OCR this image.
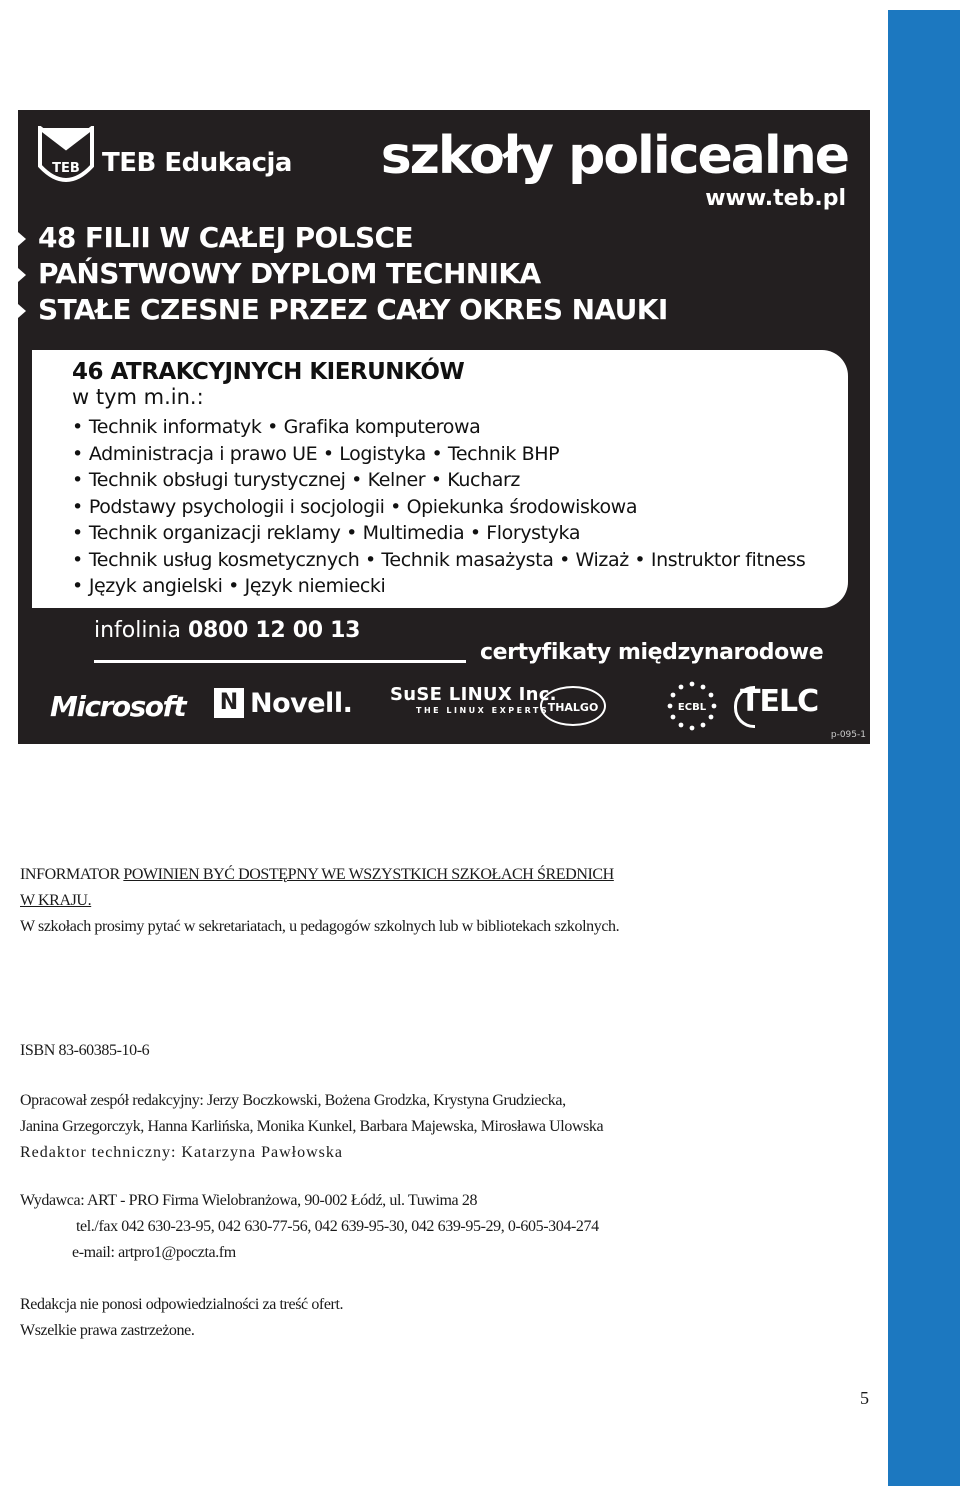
TEB TEB Edukacja szkoły policealne
www.teb.pl
48 FILII W CAŁEJ POLSCE
PAŃSTWOWY DYPLOM TECHNIKA
STAŁE CZESNE PRZEZ CAŁY OKRES NAUKI
46 ATRAKCYJNYCH KIERUNKÓW
w tym m.in.:
• Technik informatyk • Grafika komputerowa
• Administracja i prawo UE • Logistyka • Technik BHP
• Technik obsługi turystycznej • Kelner • Kucharz
• Podstawy psychologii i socjologii • Opiekunka środowiskowa
• Technik organizacji reklamy • Multimedia • Florystyka
• Technik usług kosmetycznych • Technik masażysta • Wizaż • Instruktor fitness
• Język angielski • Język niemiecki
infolinia 0800 12 00 13
certyfikaty międzynarodowe
Microsoft N Novell. SuSE LINUX Inc.
THE LINUX EXPERTS
THALGO	ECBL TELC
p-095-1
INFORMATOR POWINIEN BYĆ DOSTĘPNY WE WSZYSTKICH SZKOŁACH ŚREDNICH
W KRAJU.
W szkołach prosimy pytać w sekretariatach, u pedagogów szkolnych lub w bibliotekach szkolnych.
ISBN 83-60385-10-6
Opracował zespół redakcyjny: Jerzy Boczkowski, Bożena Grodzka, Krystyna Grudziecka,
Janina Grzegorczyk, Hanna Karlińska, Monika Kunkel, Barbara Majewska, Mirosława Ulowska
Redaktor techniczny: Katarzyna Pawłowska
Wydawca: ART - PRO Firma Wielobranżowa, 90-002 Łódź, ul. Tuwima 28
tel./fax 042 630-23-95, 042 630-77-56, 042 639-95-30, 042 639-95-29, 0-605-304-274
e-mail: artpro1@poczta.fm
Redakcja nie ponosi odpowiedzialności za treść ofert.
Wszelkie prawa zastrzeżone.
5
